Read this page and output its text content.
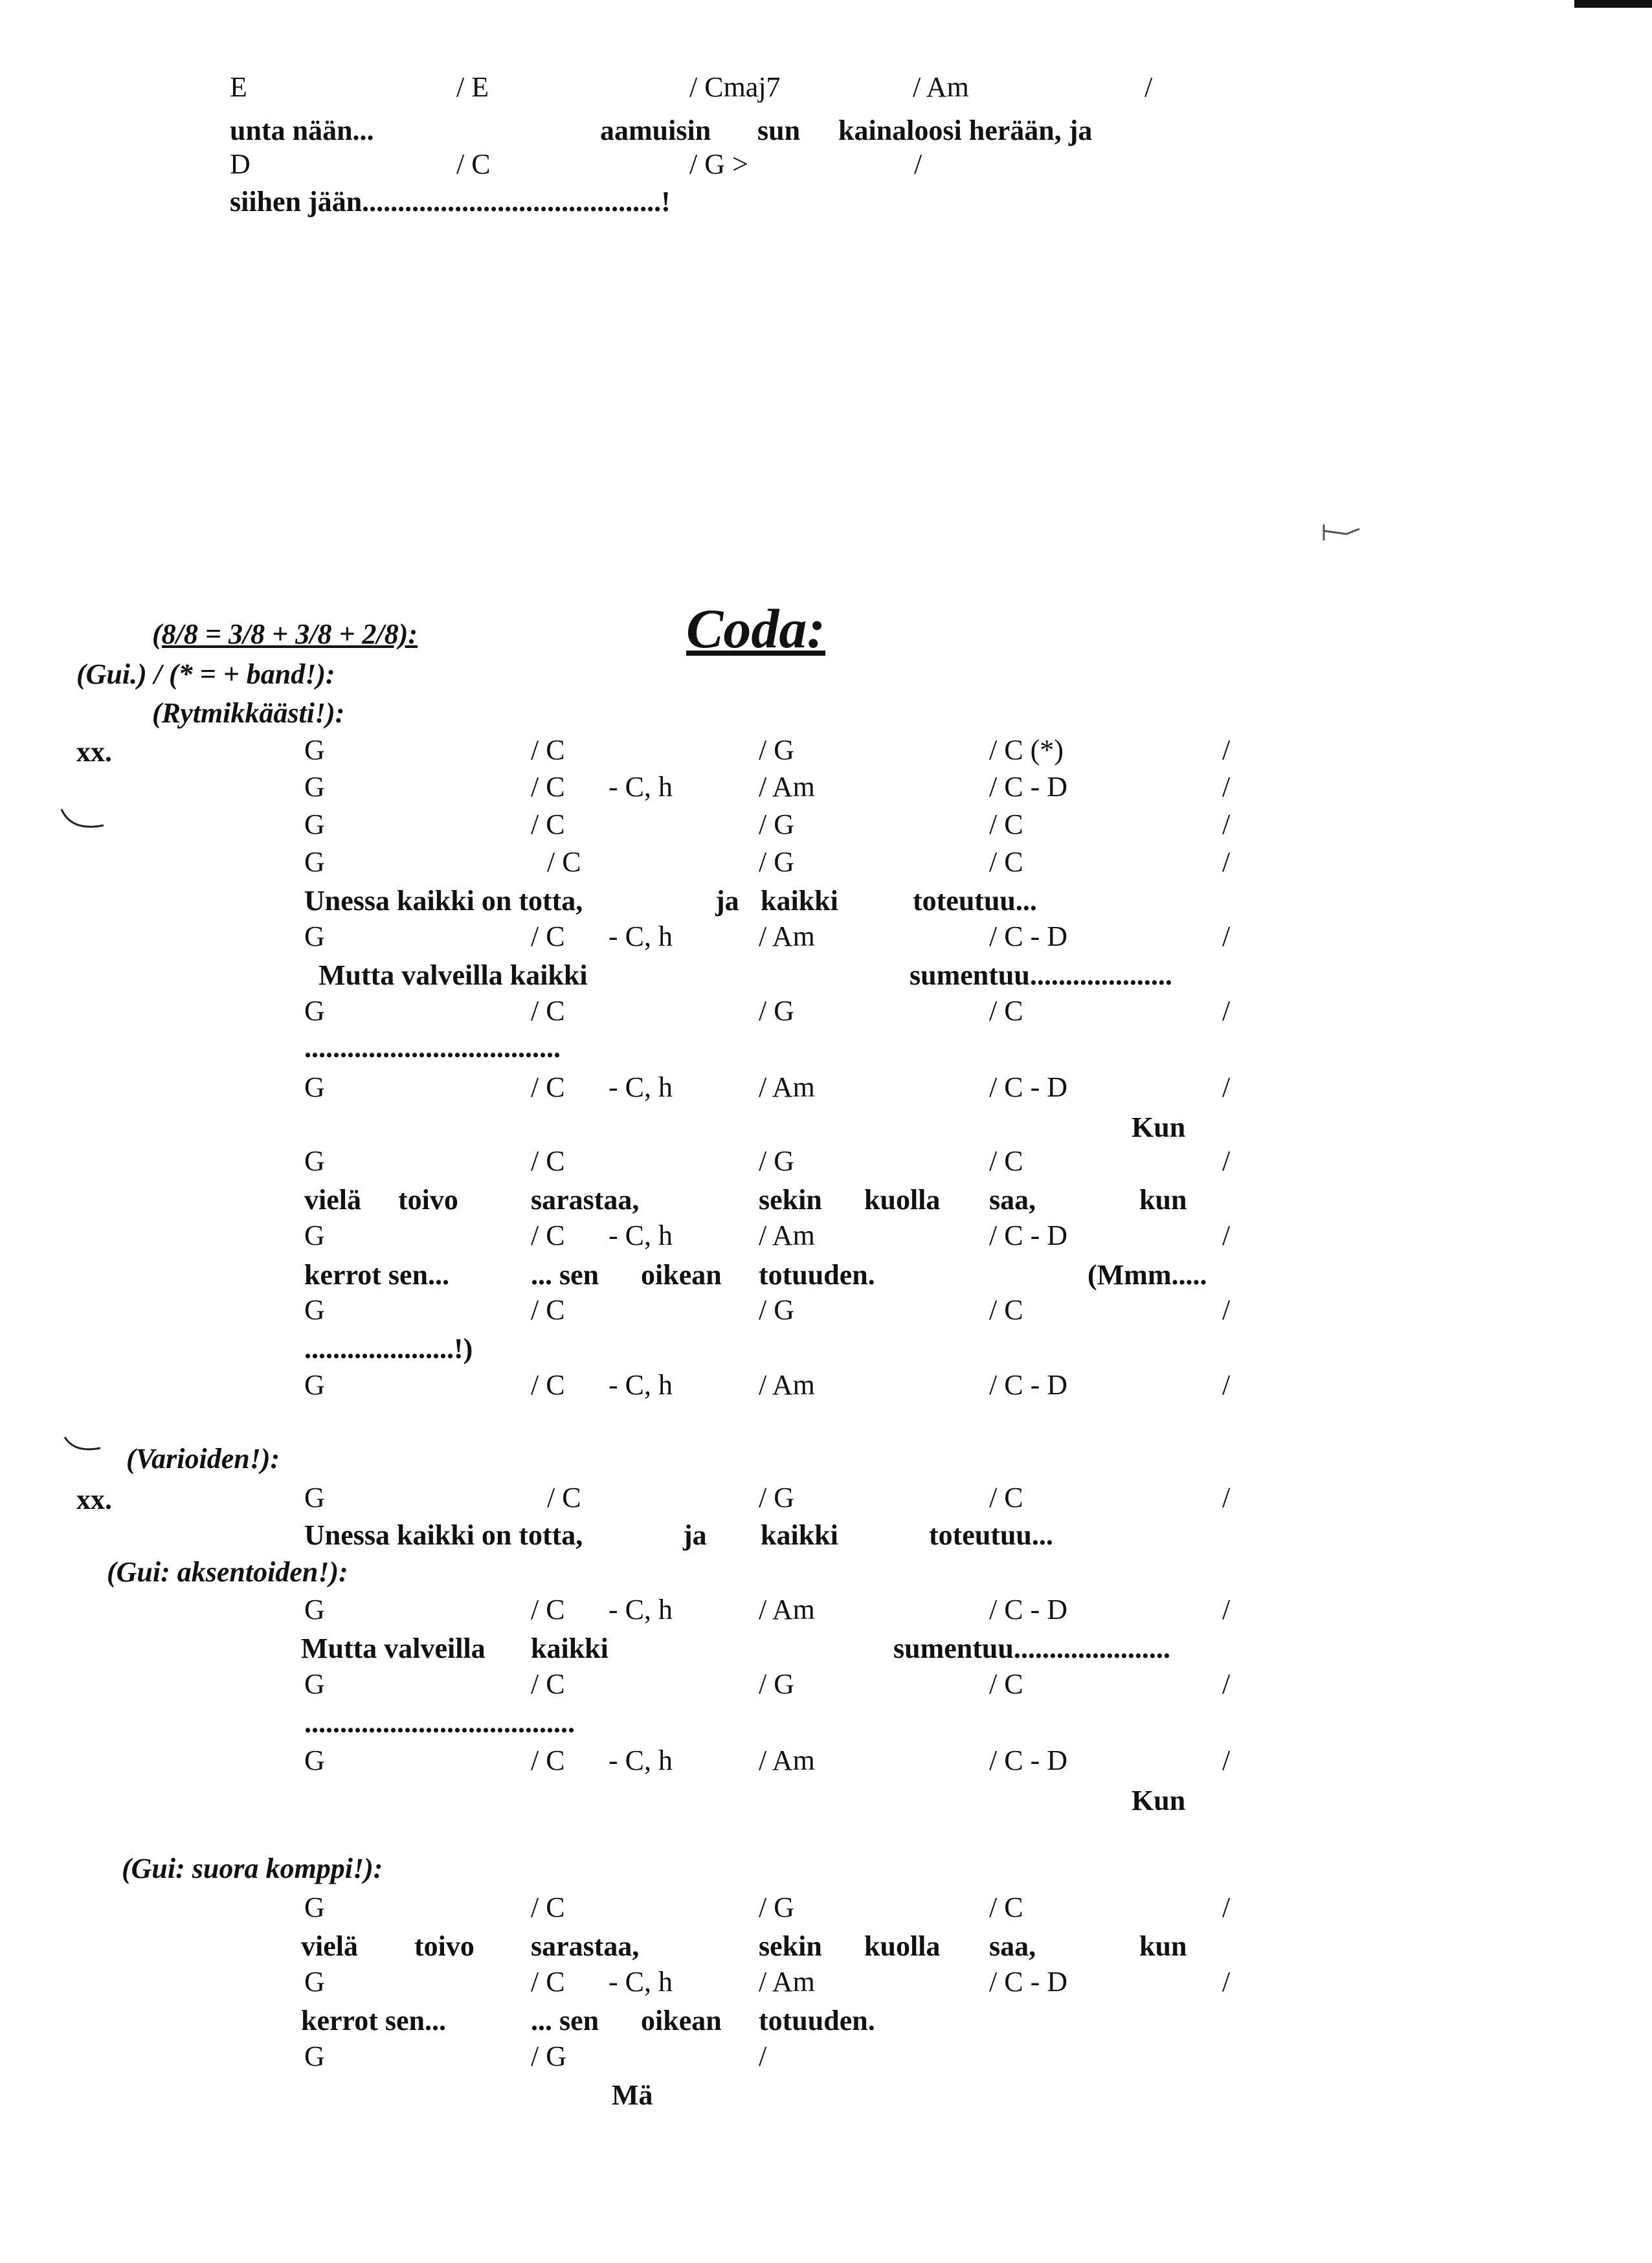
E	/ E	/ Cmaj7	/ Am	/
unta nään...	aamuisin sun kainaloosi herään, ja
D	/ C	/ G >	/
siihen jään..........................................!
(8/8 = 3/8 + 3/8 + 2/8):	Coda:
(Gui.) / (* = + band!):
(Rytmikkäästi!):
xx.	G	/ C	/ G	/ C (*)	/
G	/ C - C, h	/ Am	/ C - D	/
G	/ C	/ G	/ C	/
G	/ C	/ G	/ C	/
Unessa kaikki on totta,	ja kaikki	toteutuu...
G	/ C - C, h	/ Am	/ C - D	/
Mutta valveilla kaikki	sumentuu....................
G	/ C	/ G	/ C	/
....................................
G	/ C - C, h	/ Am	/ C - D	/
Kun
G	/ C	/ G	/ C	/
vielä toivo	sarastaa,	sekin kuolla saa,	kun
G	/ C - C, h	/ Am	/ C - D	/
kerrot sen...	... sen oikean totuuden.	(Mmm.....
G	/ C	/ G	/ C	/
.....................!)
G	/ C - C, h	/ Am	/ C - D	/
(Varioiden!):
xx.	G	/ C	/ G	/ C	/
Unessa kaikki on totta,	ja kaikki	toteutuu...
(Gui: aksentoiden!):
G	/ C - C, h	/ Am	/ C - D	/
Mutta valveilla kaikki	sumentuu......................
G	/ C	/ G	/ C	/
......................................
G	/ C - C, h	/ Am	/ C - D	/
Kun
(Gui: suora komppi!):
G	/ C	/ G	/ C	/
vielä toivo sarastaa,	sekin kuolla saa,	kun
G	/ C - C, h	/ Am	/ C - D	/
kerrot sen...	... sen oikean totuuden.
G	/ G	/
Mä
